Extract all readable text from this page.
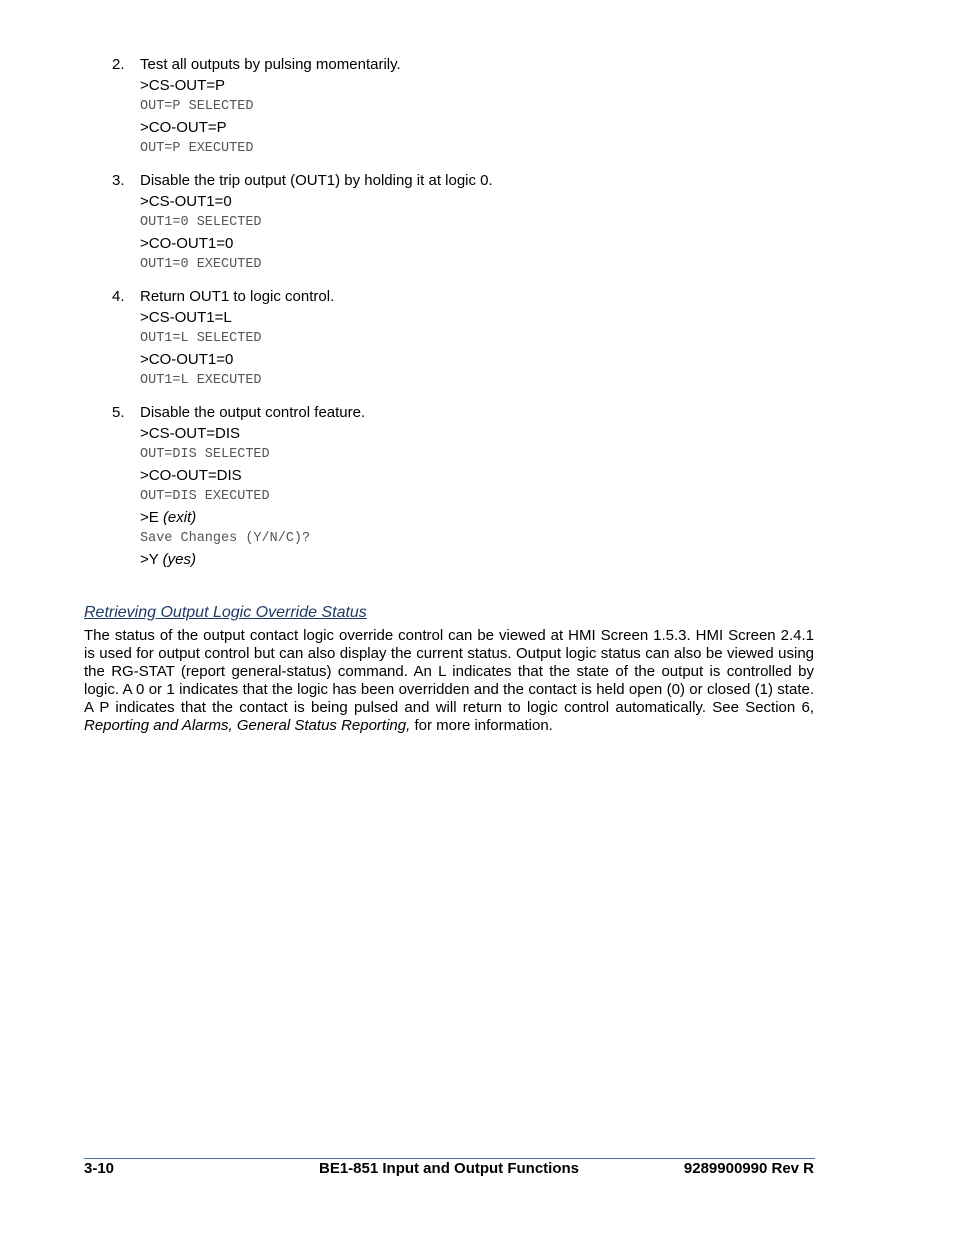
2. Test all outputs by pulsing momentarily.
>CS-OUT=P
OUT=P SELECTED
>CO-OUT=P
OUT=P EXECUTED
3. Disable the trip output (OUT1) by holding it at logic 0.
>CS-OUT1=0
OUT1=0 SELECTED
>CO-OUT1=0
OUT1=0 EXECUTED
4. Return OUT1 to logic control.
>CS-OUT1=L
OUT1=L SELECTED
>CO-OUT1=0
OUT1=L EXECUTED
5. Disable the output control feature.
>CS-OUT=DIS
OUT=DIS SELECTED
>CO-OUT=DIS
OUT=DIS EXECUTED
>E (exit)
Save Changes (Y/N/C)?
>Y (yes)
Retrieving Output Logic Override Status
The status of the output contact logic override control can be viewed at HMI Screen 1.5.3. HMI Screen 2.4.1 is used for output control but can also display the current status. Output logic status can also be viewed using the RG-STAT (report general-status) command. An L indicates that the state of the output is controlled by logic. A 0 or 1 indicates that the logic has been overridden and the contact is held open (0) or closed (1) state. A P indicates that the contact is being pulsed and will return to logic control automatically. See Section 6, Reporting and Alarms, General Status Reporting, for more information.
BE1-851 Input and Output Functions
3-10	9289900990 Rev R
